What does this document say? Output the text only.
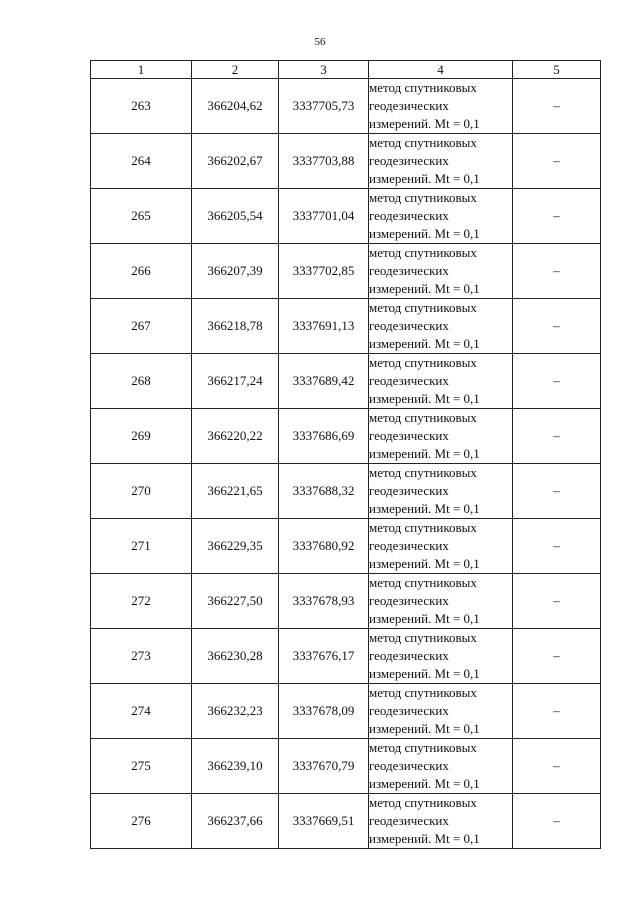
56
1	2	3	4	5
263	366204,62	3337705,73	метод спутниковых
геодезических
измерений. Mt = 0,1	–
264	366202,67	3337703,88	метод спутниковых
геодезических
измерений. Mt = 0,1	–
265	366205,54	3337701,04	метод спутниковых
геодезических
измерений. Mt = 0,1	–
266	366207,39	3337702,85	метод спутниковых
геодезических
измерений. Mt = 0,1	–
267	366218,78	3337691,13	метод спутниковых
геодезических
измерений. Mt = 0,1	–
268	366217,24	3337689,42	метод спутниковых
геодезических
измерений. Mt = 0,1	–
269	366220,22	3337686,69	метод спутниковых
геодезических
измерений. Mt = 0,1	–
270	366221,65	3337688,32	метод спутниковых
геодезических
измерений. Mt = 0,1	–
271	366229,35	3337680,92	метод спутниковых
геодезических
измерений. Mt = 0,1	–
272	366227,50	3337678,93	метод спутниковых
геодезических
измерений. Mt = 0,1	–
273	366230,28	3337676,17	метод спутниковых
геодезических
измерений. Mt = 0,1	–
274	366232,23	3337678,09	метод спутниковых
геодезических
измерений. Mt = 0,1	–
275	366239,10	3337670,79	метод спутниковых
геодезических
измерений. Mt = 0,1	–
276	366237,66	3337669,51	метод спутниковых
геодезических
измерений. Mt = 0,1	–
